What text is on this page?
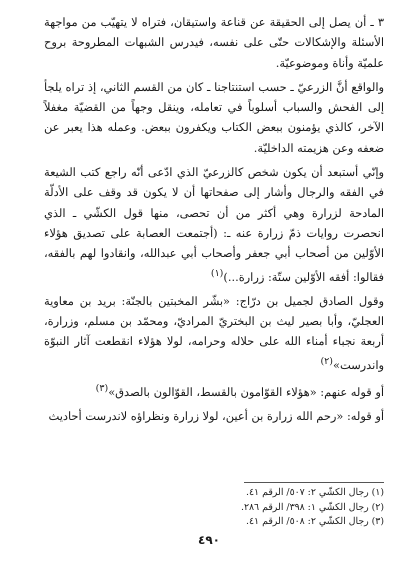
٣ ـ أن يصل إلى الحقيقة عن قناعة واستيقان، فتراه لا يتهيّب من مواجهة الأسئلة والإشكالات حتّى على نفسه، فيدرس الشبهات المطروحة بروح علميّة وأناة وموضوعيّة.

والواقع أنَّ الزرعيّ ـ حسب استنتاجنا ـ كان من القسم الثاني، إذ تراه يلجأ إلى الفحش والسباب أسلوباً في تعامله، وينقل وجهاً من القضيّة مغفلاً الآخر، كالذي يؤمنون ببعض الكتاب ويكفرون ببعض. وعمله هذا يعبر عن ضعفه وعن هزيمته الداخليّة.

وإنّي أستبعد أن يكون شخص كالزرعيّ الذي ادّعى أنّه راجع كتب الشيعة في الفقه والرجال وأشار إلى صفحاتها أن لا يكون قد وقف على الأدلّة المادحة لزرارة وهي أكثر من أن تحصى، منها قول الكشّي ـ الذي انحصرت روايات ذمّ زرارة عنه ـ: (أجتمعت العصابة على تصديق هؤلاء الأوّلين من أصحاب أبي جعفر وأصحاب أبي عبدالله، وانقادوا لهم بالفقه، فقالوا: أفقه الأوّلين ستّة: زرارة...)$^{(١)}$

وقول الصادق لجميل بن درّاج: «بشّر المخبتين بالجنّة: بريد بن معاوية العجليّ، وأبا بصير ليث بن البختريّ المراديّ، ومحمّد بن مسلم، وزرارة، أربعة نجباء أمناء الله على حلاله وحرامه، لولا هؤلاء انقطعت آثار النبوّة واندرست»$^{(٢)}$

أو قوله عنهم: «هؤلاء القوّامون بالقسط، القوّالون بالصدق»$^{(٣)}$

أو قوله: «رحم الله زرارة بن أعين، لولا زرارة ونظراؤه لاندرست أحاديث

(١) رجال الكشّي ٢: ٥٠٧/ الرقم ٤١.

(٢) رجال الكشّي ١: ٣٩٨/ الرقم ٢٨٦.

(٣) رجال الكشّي ٢: ٥٠٨/ الرقم ٤١.

٤٩٠
